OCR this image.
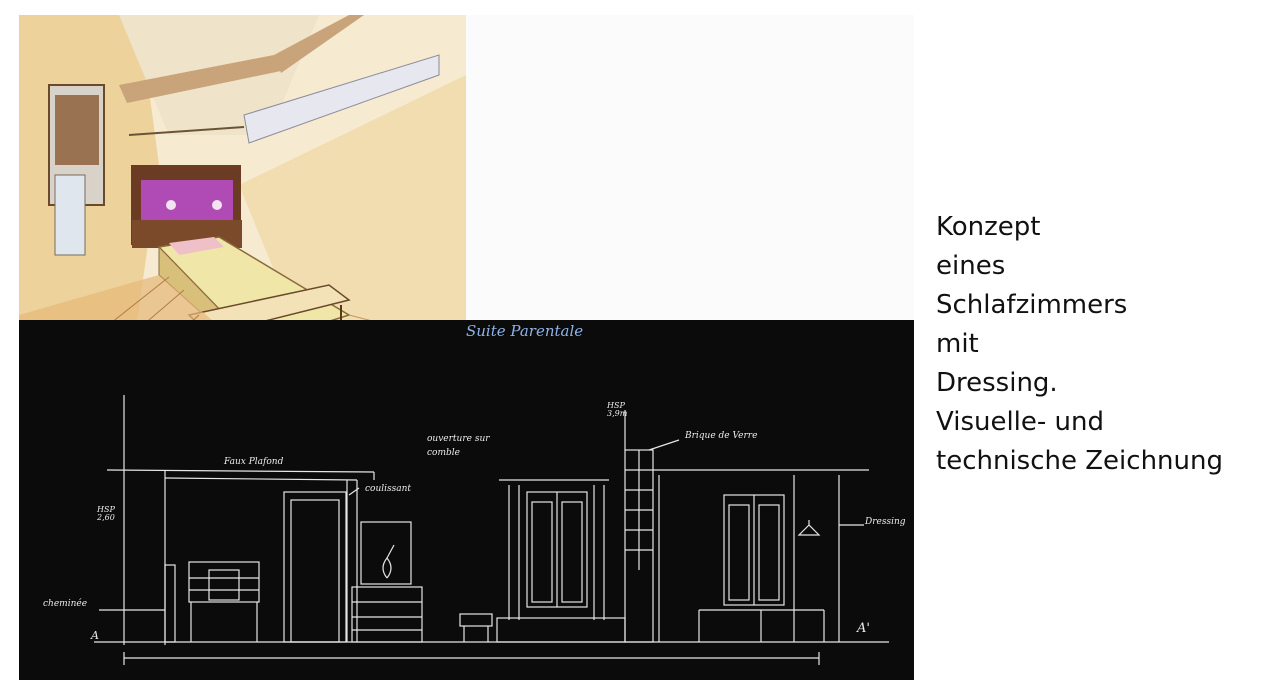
Suite Parentale
Faux Plafond
coulissant
HSP
2,60
HSP
3,9m
ouverture sur
comble
Brique de Verre
Dressing
cheminée
A	A'
Konzept
eines
Schlafzimmers
mit
Dressing.
Visuelle- und
technische Zeichnung
